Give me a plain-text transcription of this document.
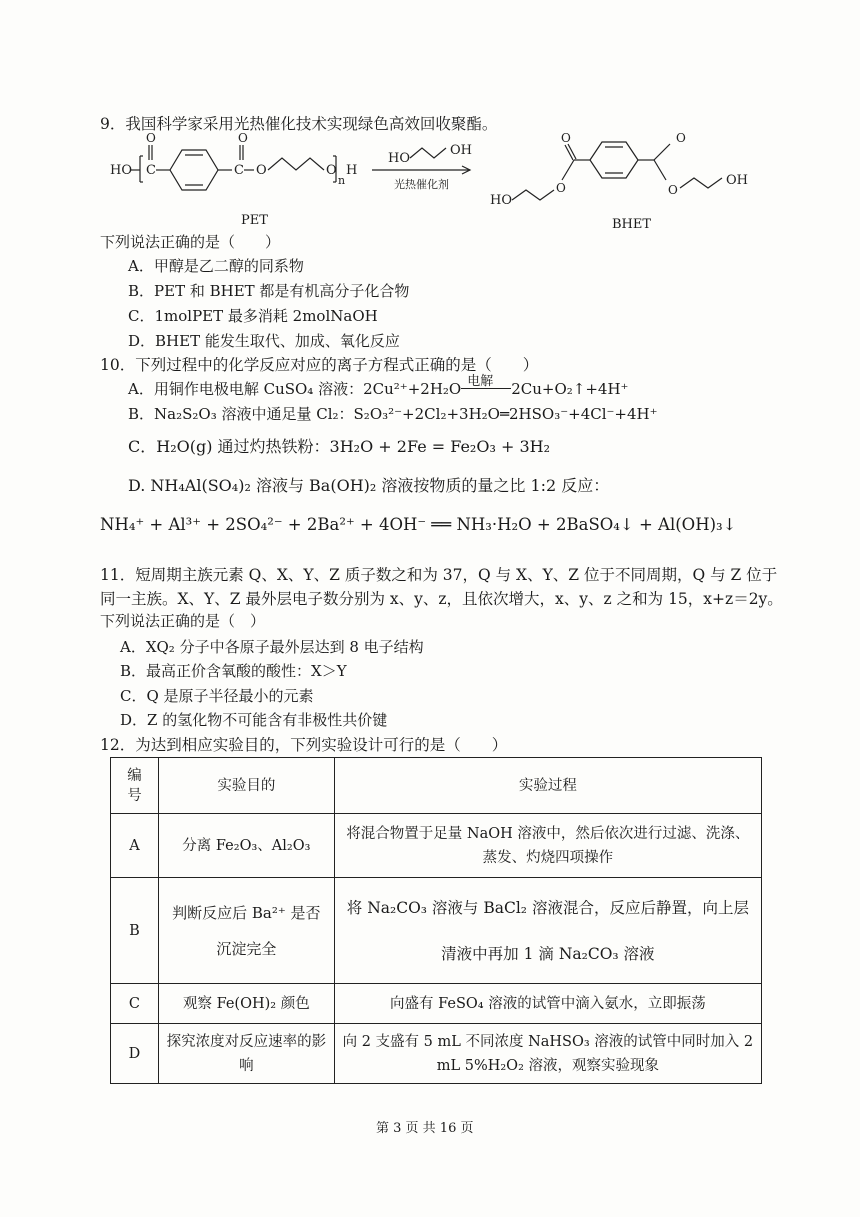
9．我国科学家采用光热催化技术实现绿色高效回收聚酯。
HO C
O
C
O
O	O
n
H
HO
OH
光热催化剂
O	O
O
HO
O
OH
PET	BHET
下列说法正确的是（　　）
A．甲醇是乙二醇的同系物
B．PET 和 BHET 都是有机高分子化合物
C．1molPET 最多消耗 2molNaOH
D．BHET 能发生取代、加成、氧化反应
10．下列过程中的化学反应对应的离子方程式正确的是（　　）
A．用铜作电极电解 CuSO₄ 溶液：2Cu²⁺+2H₂O 电解 2Cu+O₂↑+4H⁺
B．Na₂S₂O₃ 溶液中通足量 Cl₂：S₂O₃²⁻+2Cl₂+3H₂O═2HSO₃⁻+4Cl⁻+4H⁺
C．H₂O(g) 通过灼热铁粉：3H₂O + 2Fe = Fe₂O₃ + 3H₂
D. NH₄Al(SO₄)₂ 溶液与 Ba(OH)₂ 溶液按物质的量之比 1:2 反应：
NH₄⁺ + Al³⁺ + 2SO₄²⁻ + 2Ba²⁺ + 4OH⁻ ══ NH₃·H₂O + 2BaSO₄↓ + Al(OH)₃↓
11．短周期主族元素 Q、X、Y、Z 质子数之和为 37，Q 与 X、Y、Z 位于不同周期，Q 与 Z 位于
同一主族。X、Y、Z 最外层电子数分别为 x、y、z，且依次增大，x、y、z 之和为 15，x+z＝2y。
下列说法正确的是（　）
A．XQ₂ 分子中各原子最外层达到 8 电子结构
B．最高正价含氧酸的酸性：X＞Y
C．Q 是原子半径最小的元素
D．Z 的氢化物不可能含有非极性共价键
12．为达到相应实验目的，下列实验设计可行的是（　　）
编号	实验目的	实验过程
A	分离 Fe₂O₃、Al₂O₃	将混合物置于足量 NaOH 溶液中，然后依次进行过滤、洗涤、蒸发、灼烧四项操作
B	判断反应后 Ba²⁺ 是否沉淀完全	将 Na₂CO₃ 溶液与 BaCl₂ 溶液混合，反应后静置，向上层清液中再加 1 滴 Na₂CO₃ 溶液
C	观察 Fe(OH)₂ 颜色	向盛有 FeSO₄ 溶液的试管中滴入氨水，立即振荡
D	探究浓度对反应速率的影响	向 2 支盛有 5 mL 不同浓度 NaHSO₃ 溶液的试管中同时加入 2 mL 5%H₂O₂ 溶液，观察实验现象
第 3 页 共 16 页
